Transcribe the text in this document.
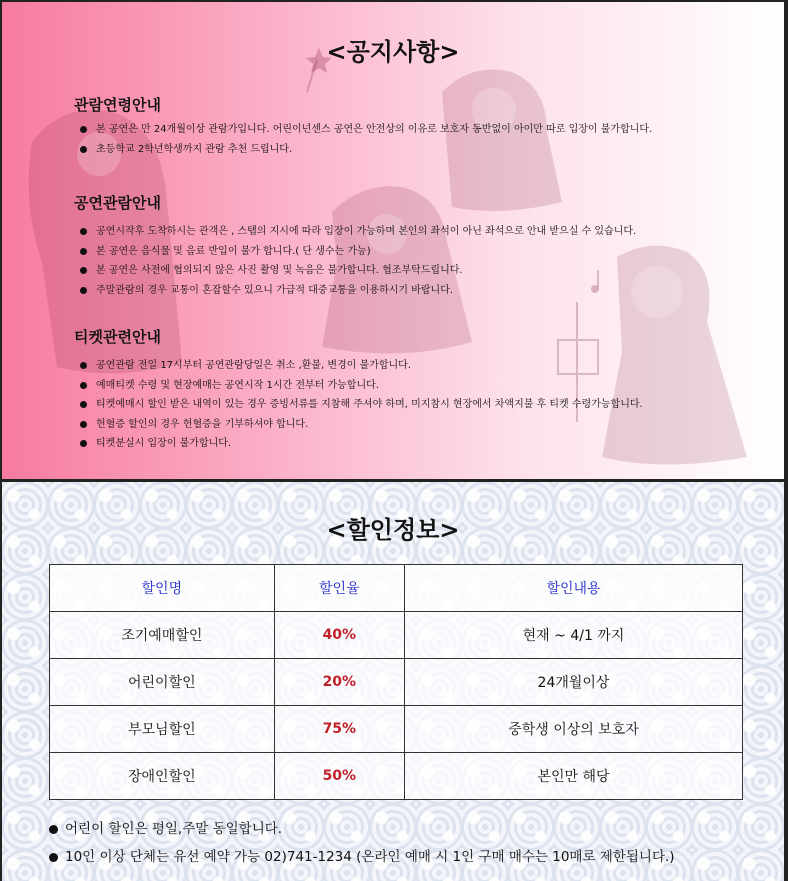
<공지사항>
관람연령안내
본 공연은 만 24개월이상 관람가입니다. 어린이넌센스 공연은 안전상의 이유로 보호자 동반없이 아이만 따로 입장이 불가합니다.
초등학교 2학년학생까지 관람 추천 드립니다.
공연관람안내
공연시작후 도착하시는 관객은 , 스탭의 지시에 따라 입장이 가능하며 본인의 좌석이 아닌 좌석으로 안내 받으실 수 있습니다.
본 공연은 음식물 및 음료 반입이 불가 합니다.( 단 생수는 가능)
본 공연은 사전에 협의되지 않은 사진 촬영 및 녹음은 불가합니다. 협조부탁드립니다.
주말관람의 경우 교통이 혼잡할수 있으니 가급적 대중교통을 이용하시기 바랍니다.
티켓관련안내
공연관람 전일 17시부터 공연관람당일은 취소 ,환불, 변경이 불가합니다.
예매티켓 수령 및 현장예매는 공연시작 1시간 전부터 가능합니다.
티켓예매시 할인 받은 내역이 있는 경우 증빙서류를 지참해 주셔야 하며, 미지참시 현장에서 차액지불 후 티켓 수령가능합니다.
헌혈증 할인의 경우 헌혈증을 기부하셔야 합니다.
티켓분실시 입장이 불가합니다.
<할인정보>
할인명	할인율	할인내용
조기예매할인	40%	현재 ~ 4/1 까지
어린이할인	20%	24개월이상
부모님할인	75%	중학생 이상의 보호자
장애인할인	50%	본인만 해당
어린이 할인은 평일,주말 동일합니다.
10인 이상 단체는 유선 예약 가능 02)741-1234 (온라인 예매 시 1인 구매 매수는 10매로 제한됩니다.)
